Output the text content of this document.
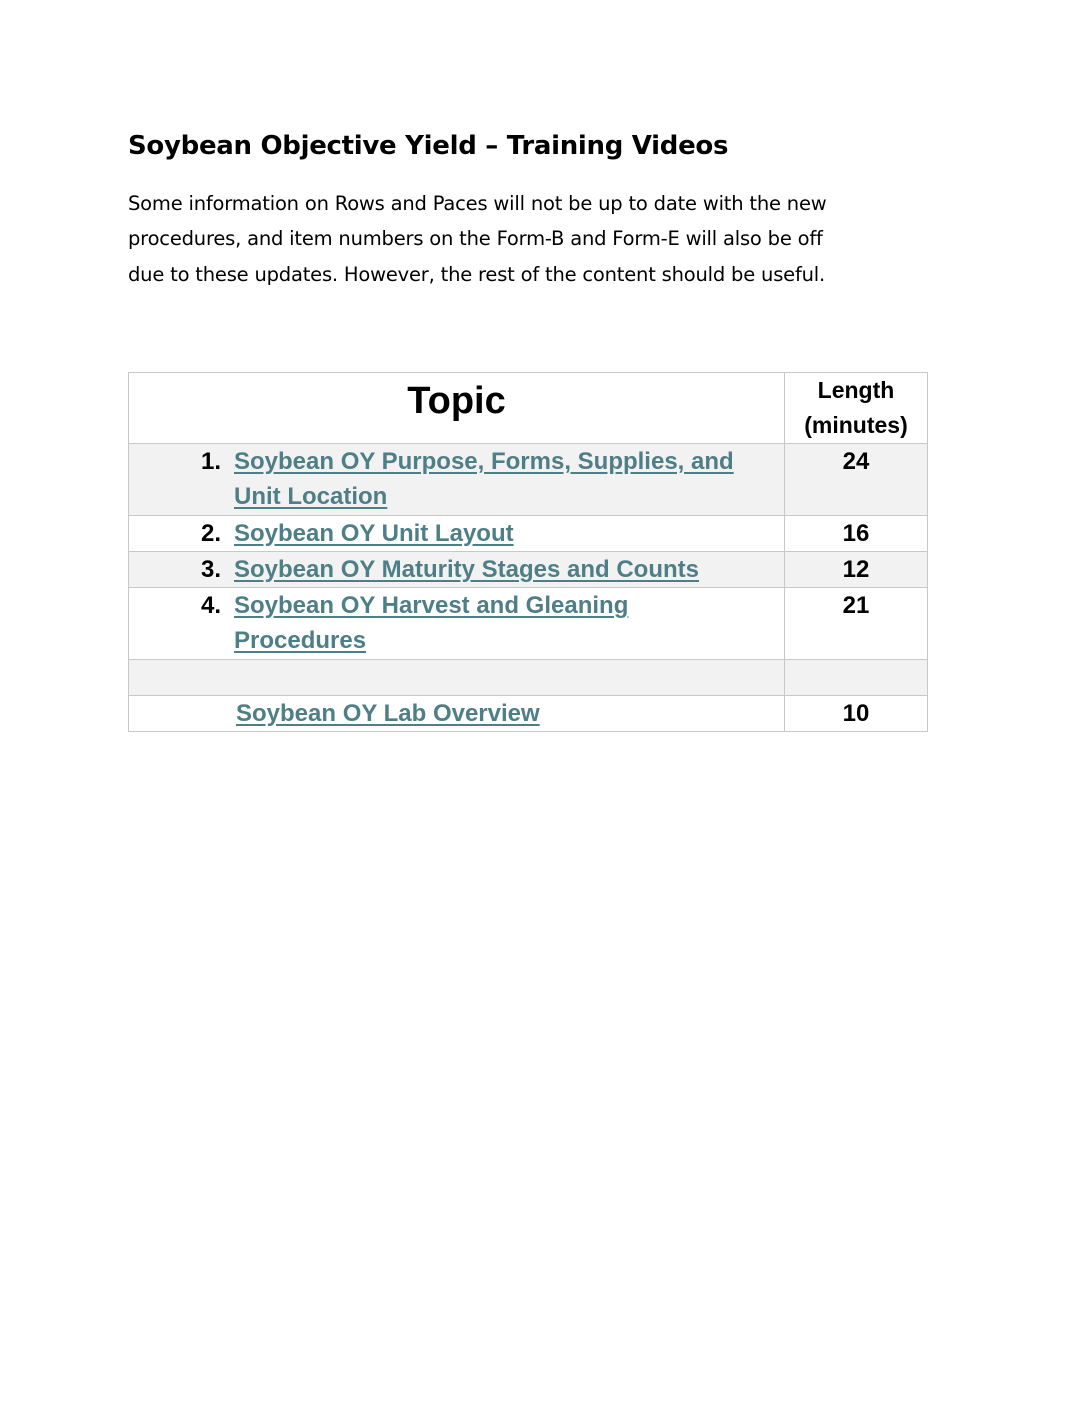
Soybean Objective Yield – Training Videos

Some information on Rows and Paces will not be up to date with the new procedures, and item numbers on the Form-B and Form-E will also be off due to these updates. However, the rest of the content should be useful.

Topic	Length (minutes)

1. Soybean OY Purpose, Forms, Supplies, and Unit Location	24

2. Soybean OY Unit Layout	16

3. Soybean OY Maturity Stages and Counts	12

4. Soybean OY Harvest and Gleaning Procedures	21

Soybean OY Lab Overview	10
